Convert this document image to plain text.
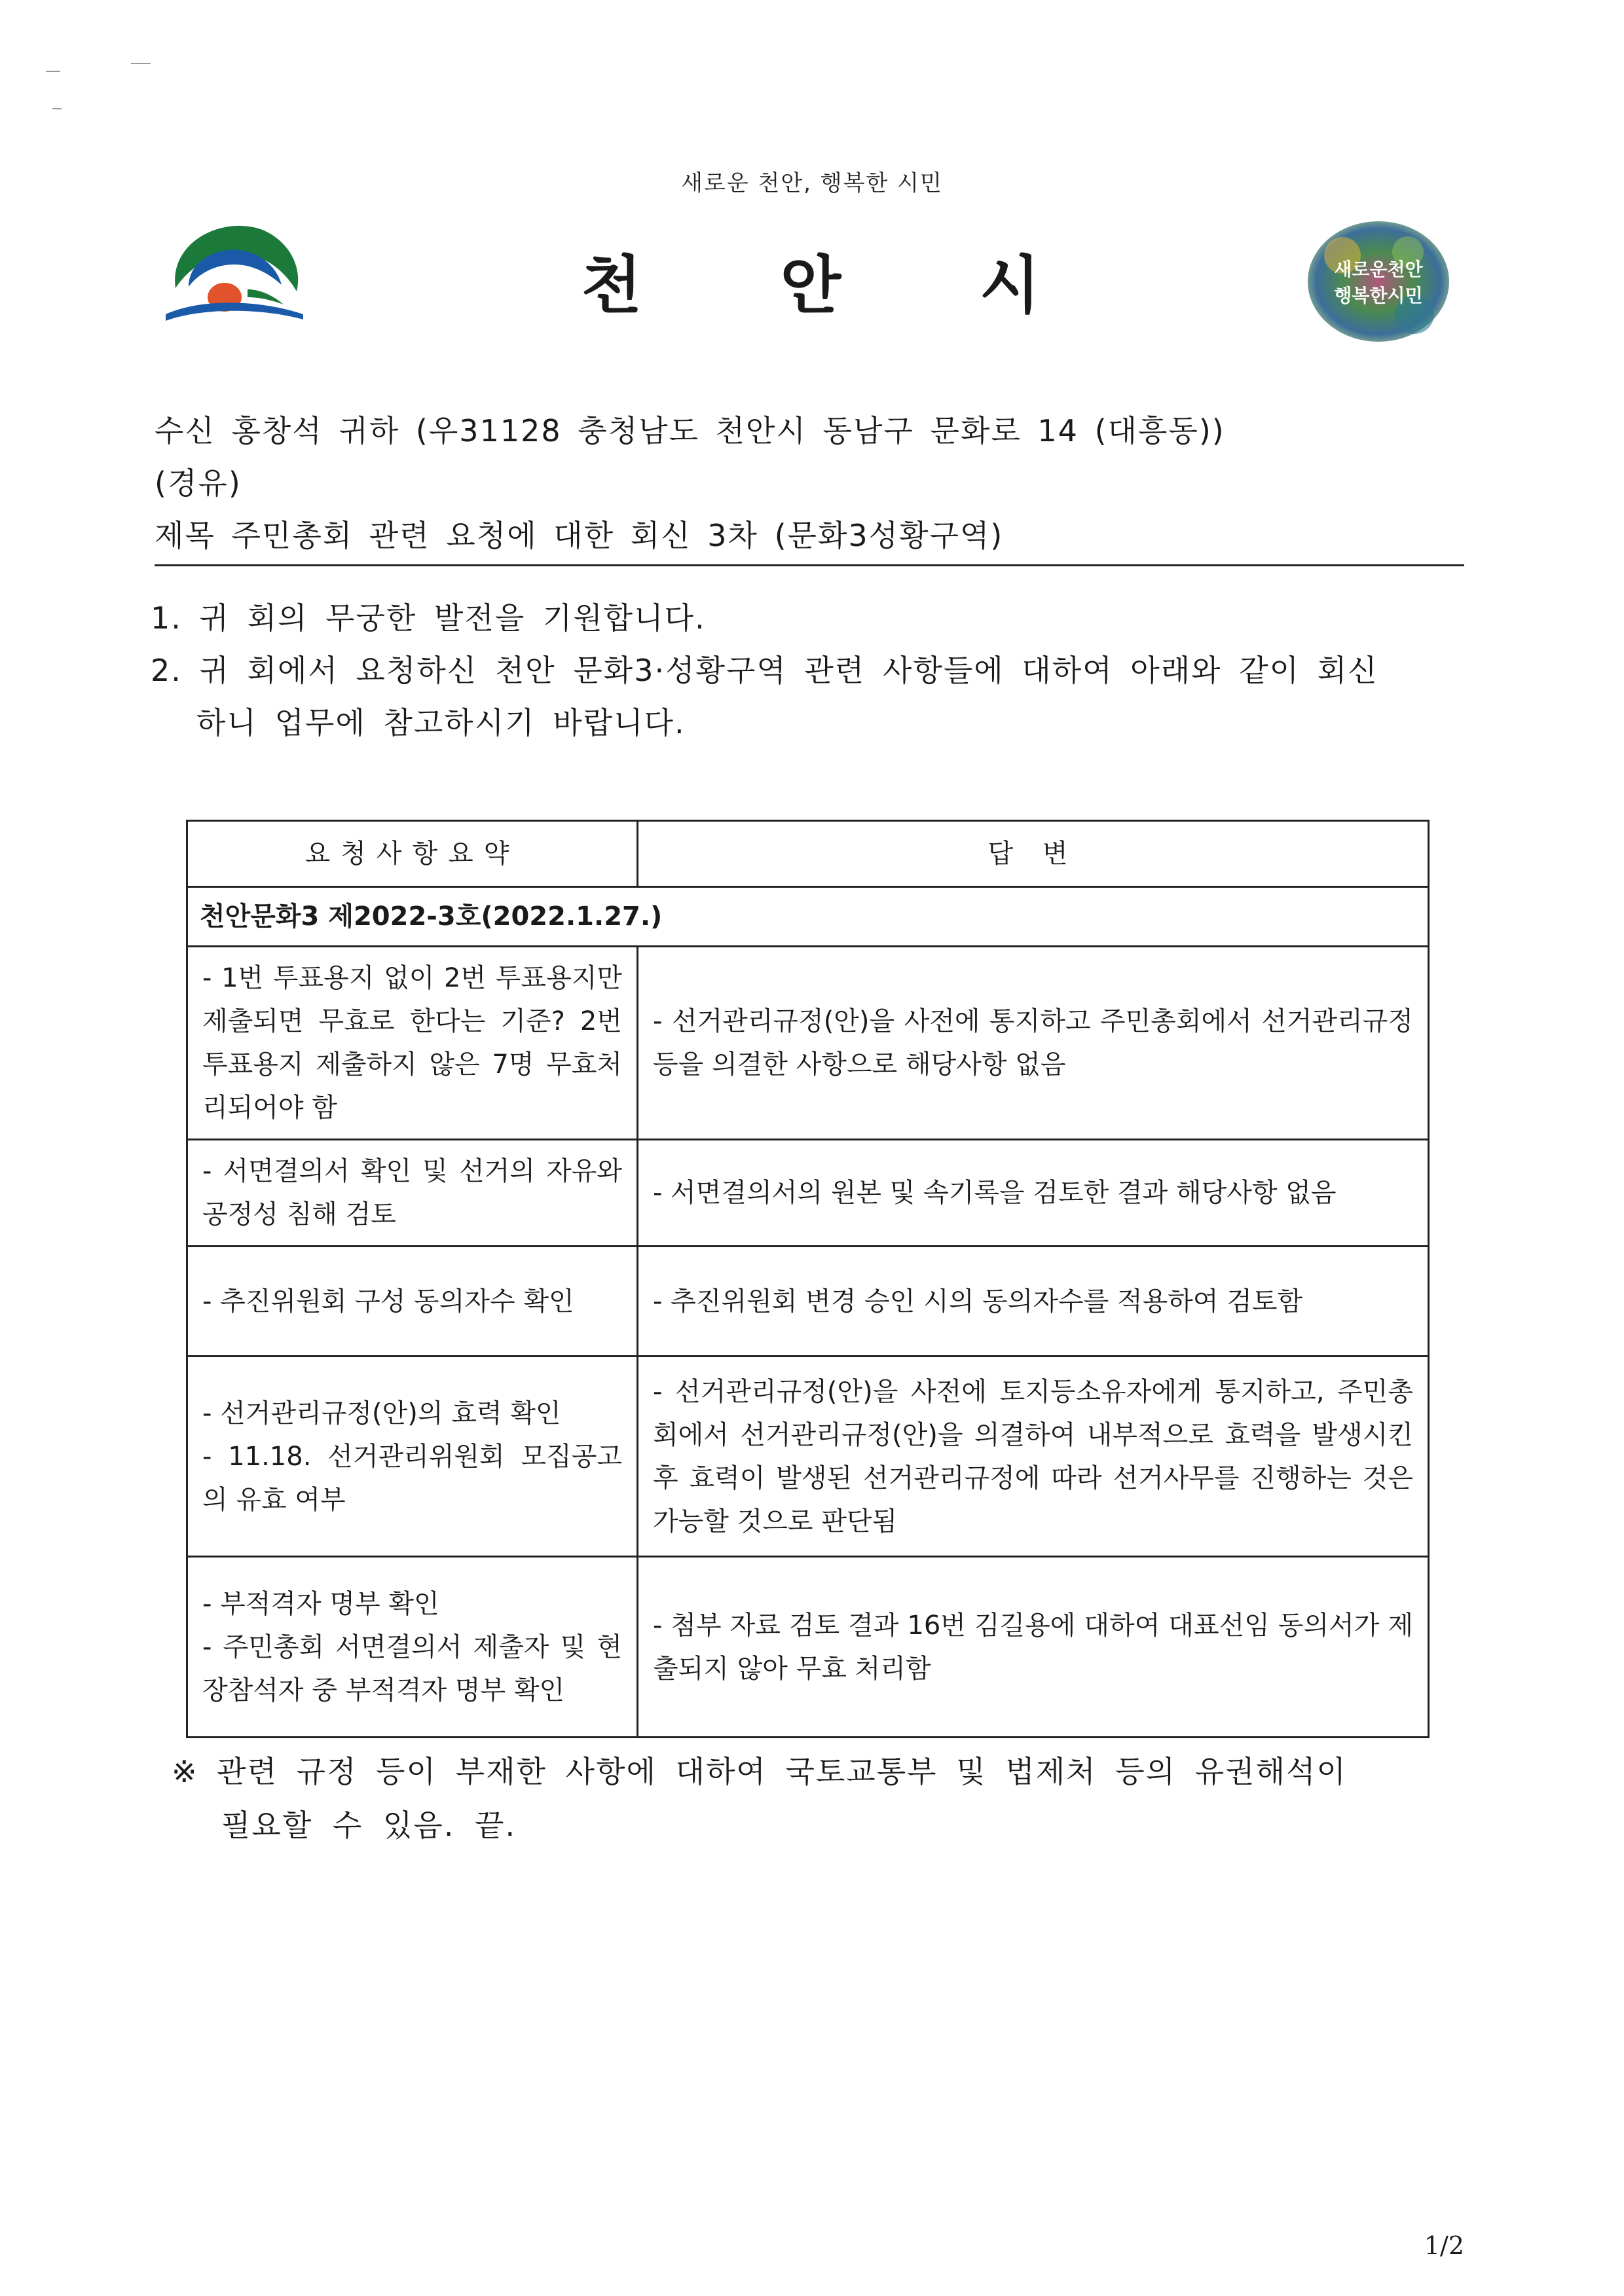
새로운 천안, 행복한 시민
천 안 시	새로운천안
행복한시민
수신 홍창석 귀하 (우31128 충청남도 천안시 동남구 문화로 14 (대흥동))
(경유)
제목 주민총회 관련 요청에 대한 회신 3차 (문화3성황구역)
1. 귀 회의 무궁한 발전을 기원합니다.
2. 귀 회에서 요청하신 천안 문화3·성황구역 관련 사항들에 대하여 아래와 같이 회신
하니 업무에 참고하시기 바랍니다.
요청사항요약	답 변
천안문화3 제2022-3호(2022.1.27.)	
- 1번 투표용지 없이 2번 투표용지만 제출되면 무효로 한다는 기준? 2번 투표용지 제출하지 않은 7명 무효처리되어야 함	- 선거관리규정(안)을 사전에 통지하고 주민총회에서 선거관리규정 등을 의결한 사항으로 해당사항 없음
- 서면결의서 확인 및 선거의 자유와 공정성 침해 검토	- 서면결의서의 원본 및 속기록을 검토한 결과 해당사항 없음
- 추진위원회 구성 동의자수 확인	- 추진위원회 변경 승인 시의 동의자수를 적용하여 검토함

- 선거관리규정(안)의 효력 확인
- 11.18. 선거관리위원회 모집공고의 유효 여부	- 선거관리규정(안)을 사전에 토지등소유자에게 통지하고, 주민총회에서 선거관리규정(안)을 의결하여 내부적으로 효력을 발생시킨 후 효력이 발생된 선거관리규정에 따라 선거사무를 진행하는 것은 가능할 것으로 판단됨

- 부적격자 명부 확인
- 주민총회 서면결의서 제출자 및 현장참석자 중 부적격자 명부 확인	- 첨부 자료 검토 결과 16번 김길용에 대하여 대표선임 동의서가 제출되지 않아 무효 처리함
※ 관련 규정 등이 부재한 사항에 대하여 국토교통부 및 법제처 등의 유권해석이
필요할 수 있음. 끝.
1/2
